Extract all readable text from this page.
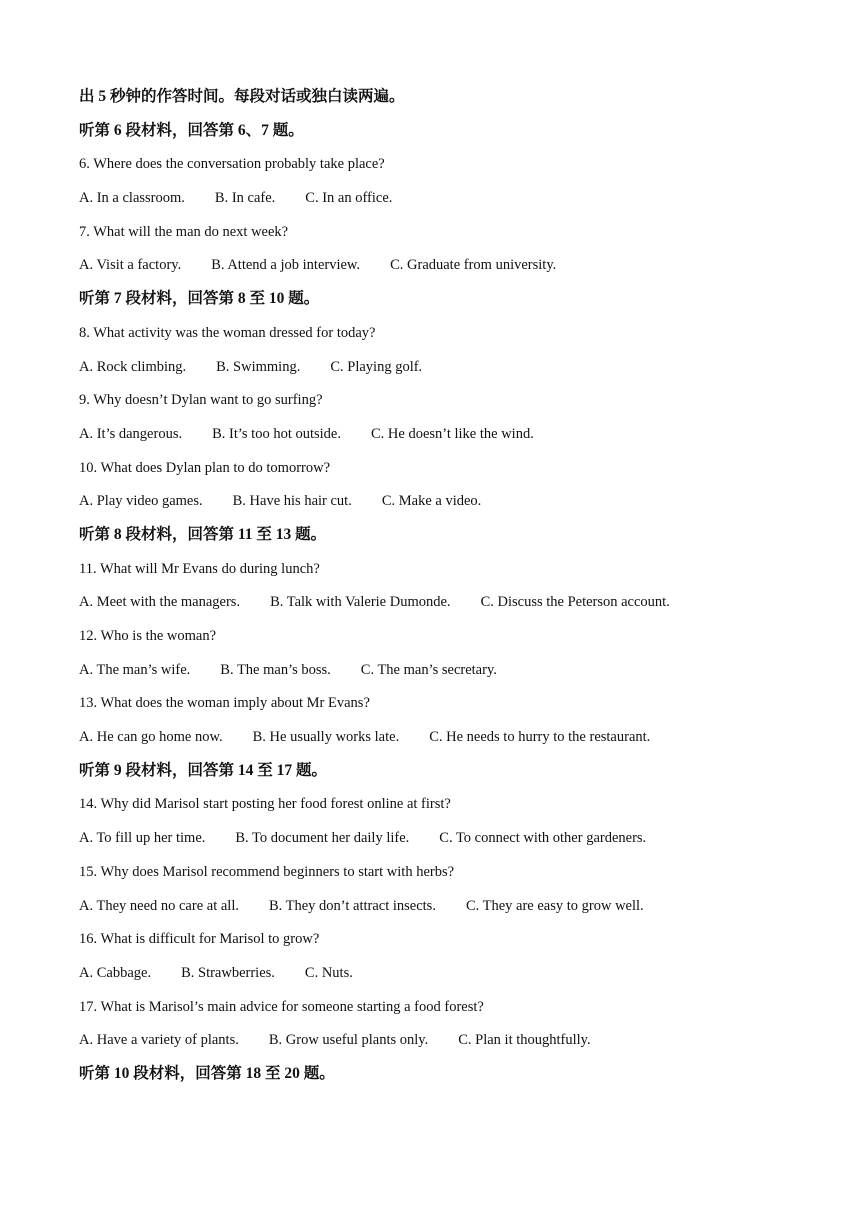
出 5 秒钟的作答时间。每段对话或独白读两遍。
听第 6 段材料，回答第 6、7 题。
6. Where does the conversation probably take place?
A. In a classroom. B. In cafe. C. In an office.
7. What will the man do next week?
A. Visit a factory. B. Attend a job interview. C. Graduate from university.
听第 7 段材料，回答第 8 至 10 题。
8. What activity was the woman dressed for today?
A. Rock climbing. B. Swimming. C. Playing golf.
9. Why doesn’t Dylan want to go surfing?
A. It’s dangerous. B. It’s too hot outside. C. He doesn’t like the wind.
10. What does Dylan plan to do tomorrow?
A. Play video games. B. Have his hair cut. C. Make a video.
听第 8 段材料，回答第 11 至 13 题。
11. What will Mr Evans do during lunch?
A. Meet with the managers. B. Talk with Valerie Dumonde. C. Discuss the Peterson account.
12. Who is the woman?
A. The man’s wife. B. The man’s boss. C. The man’s secretary.
13. What does the woman imply about Mr Evans?
A. He can go home now. B. He usually works late. C. He needs to hurry to the restaurant.
听第 9 段材料，回答第 14 至 17 题。
14. Why did Marisol start posting her food forest online at first?
A. To fill up her time. B. To document her daily life. C. To connect with other gardeners.
15. Why does Marisol recommend beginners to start with herbs?
A. They need no care at all. B. They don’t attract insects. C. They are easy to grow well.
16. What is difficult for Marisol to grow?
A. Cabbage. B. Strawberries. C. Nuts.
17. What is Marisol’s main advice for someone starting a food forest?
A. Have a variety of plants. B. Grow useful plants only. C. Plan it thoughtfully.
听第 10 段材料，回答第 18 至 20 题。
